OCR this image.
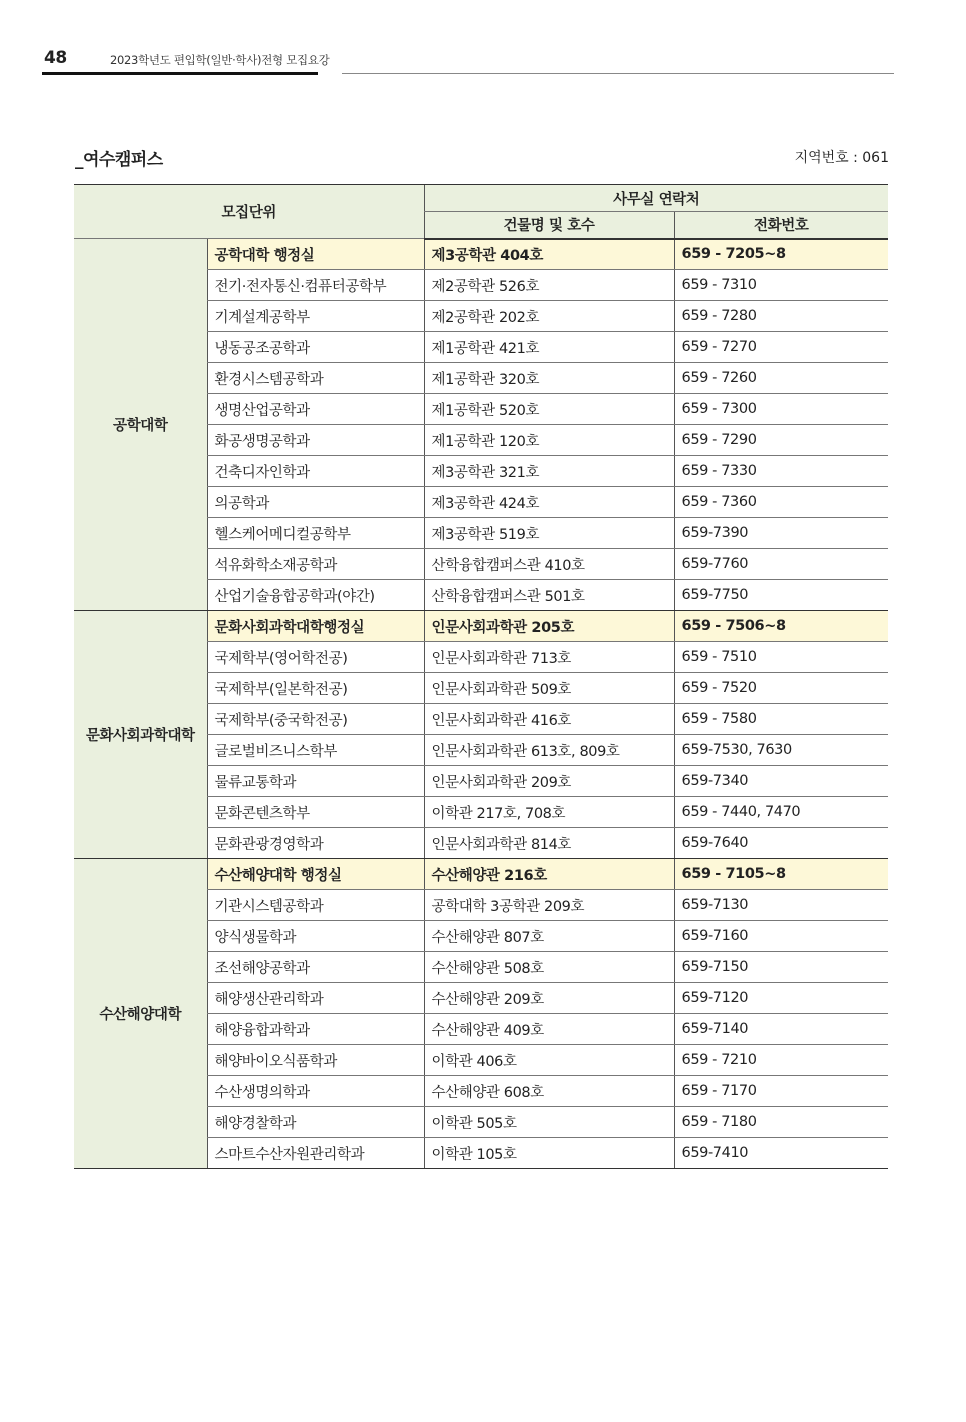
48	2023학년도 편입학(일반·학사)전형 모집요강
_여수캠퍼스	지역번호 : 061
모집단위		사무실 연락처	
		건물명 및 호수	전화번호
공학대학	공학대학 행정실	제3공학관 404호	659 - 7205~8
	전기·전자통신·컴퓨터공학부	제2공학관 526호	659 - 7310
	기계설계공학부	제2공학관 202호	659 - 7280
	냉동공조공학과	제1공학관 421호	659 - 7270
	환경시스템공학과	제1공학관 320호	659 - 7260
	생명산업공학과	제1공학관 520호	659 - 7300
	화공생명공학과	제1공학관 120호	659 - 7290
	건축디자인학과	제3공학관 321호	659 - 7330
	의공학과	제3공학관 424호	659 - 7360
	헬스케어메디컬공학부	제3공학관 519호	659-7390
	석유화학소재공학과	산학융합캠퍼스관 410호	659-7760
	산업기술융합공학과(야간)	산학융합캠퍼스관 501호	659-7750
문화사회과학대학	문화사회과학대학행정실	인문사회과학관 205호	659 - 7506~8
	국제학부(영어학전공)	인문사회과학관 713호	659 - 7510
	국제학부(일본학전공)	인문사회과학관 509호	659 - 7520
	국제학부(중국학전공)	인문사회과학관 416호	659 - 7580
	글로벌비즈니스학부	인문사회과학관 613호, 809호	659-7530, 7630
	물류교통학과	인문사회과학관 209호	659-7340
	문화콘텐츠학부	이학관 217호, 708호	659 - 7440, 7470
	문화관광경영학과	인문사회과학관 814호	659-7640
수산해양대학	수산해양대학 행정실	수산해양관 216호	659 - 7105~8
	기관시스템공학과	공학대학 3공학관 209호	659-7130
	양식생물학과	수산해양관 807호	659-7160
	조선해양공학과	수산해양관 508호	659-7150
	해양생산관리학과	수산해양관 209호	659-7120
	해양융합과학과	수산해양관 409호	659-7140
	해양바이오식품학과	이학관 406호	659 - 7210
	수산생명의학과	수산해양관 608호	659 - 7170
	해양경찰학과	이학관 505호	659 - 7180
	스마트수산자원관리학과	이학관 105호	659-7410
